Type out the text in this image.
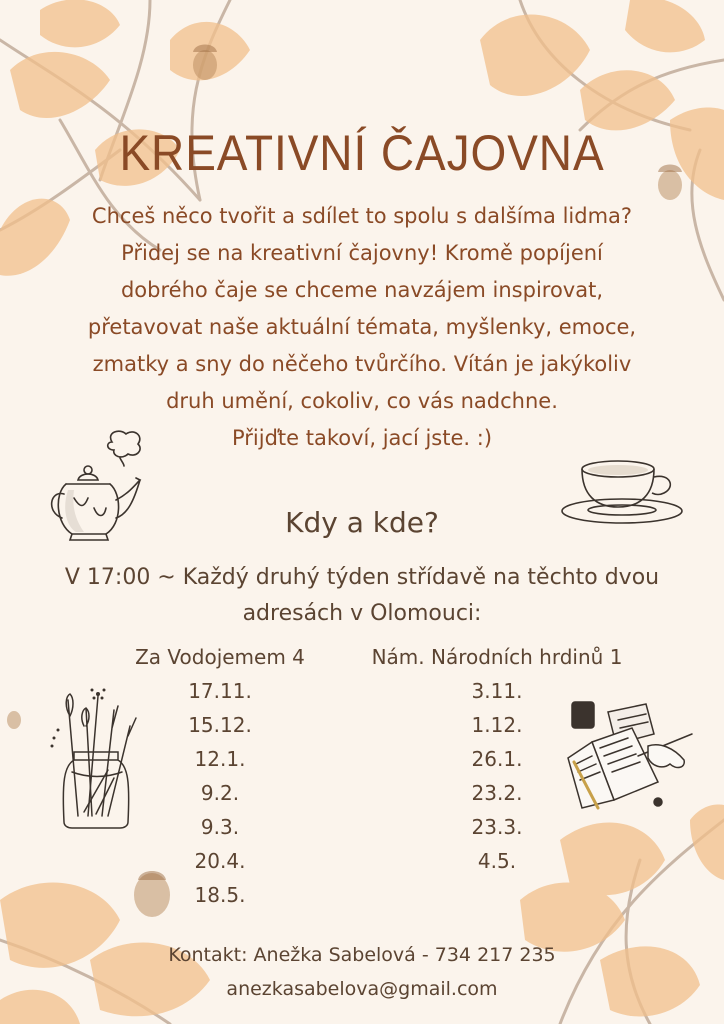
KREATIVNÍ ČAJOVNA
Chceš něco tvořit a sdílet to spolu s dalšíma lidma?
Přidej se na kreativní čajovny! Kromě popíjení
dobrého čaje se chceme navzájem inspirovat,
přetavovat naše aktuální témata, myšlenky, emoce,
zmatky a sny do něčeho tvůrčího. Vítán je jakýkoliv
druh umění, cokoliv, co vás nadchne.
Přijďte takoví, jací jste. :)
Kdy a kde?
V 17:00 ~ Každý druhý týden střídavě na těchto dvou
adresách v Olomouci:
Za Vodojemem 4
17.11.
15.12.
12.1.
9.2.
9.3.
20.4.
18.5.
Nám. Národních hrdinů 1
3.11.
1.12.
26.1.
23.2.
23.3.
4.5.
Kontakt: Anežka Sabelová - 734 217 235
anezkasabelova@gmail.com
